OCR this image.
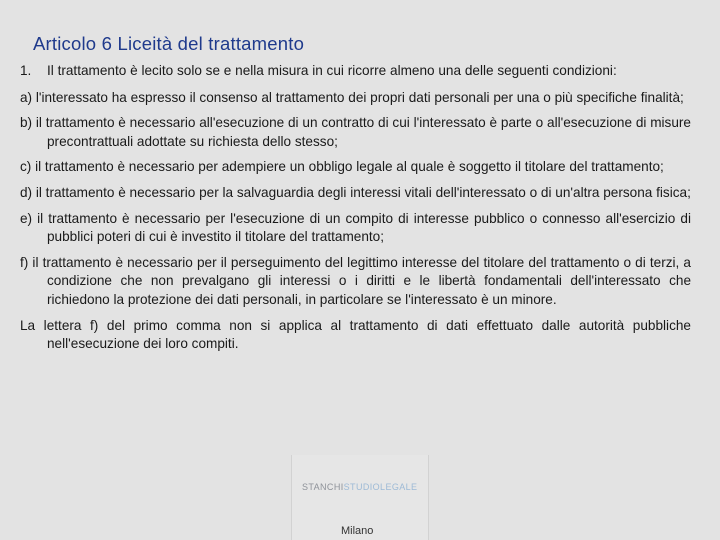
Articolo 6 Liceità del trattamento

1. Il trattamento è lecito solo se e nella misura in cui ricorre almeno una delle seguenti condizioni:

a) l'interessato ha espresso il consenso al trattamento dei propri dati personali per una o più specifiche finalità;

b) il trattamento è necessario all'esecuzione di un contratto di cui l'interessato è parte o all'esecuzione di misure precontrattuali adottate su richiesta dello stesso;

c) il trattamento è necessario per adempiere un obbligo legale al quale è soggetto il titolare del trattamento;

d) il trattamento è necessario per la salvaguardia degli interessi vitali dell'interessato o di un'altra persona fisica;

e) il trattamento è necessario per l'esecuzione di un compito di interesse pubblico o connesso all'esercizio di pubblici poteri di cui è investito il titolare del trattamento;

f) il trattamento è necessario per il perseguimento del legittimo interesse del titolare del trattamento o di terzi, a condizione che non prevalgano gli interessi o i diritti e le libertà fondamentali dell'interessato che richiedono la protezione dei dati personali, in particolare se l'interessato è un minore.

La lettera f) del primo comma non si applica al trattamento di dati effettuato dalle autorità pubbliche nell'esecuzione dei loro compiti.

STANCHISTUDIOLEGALE
Milano
